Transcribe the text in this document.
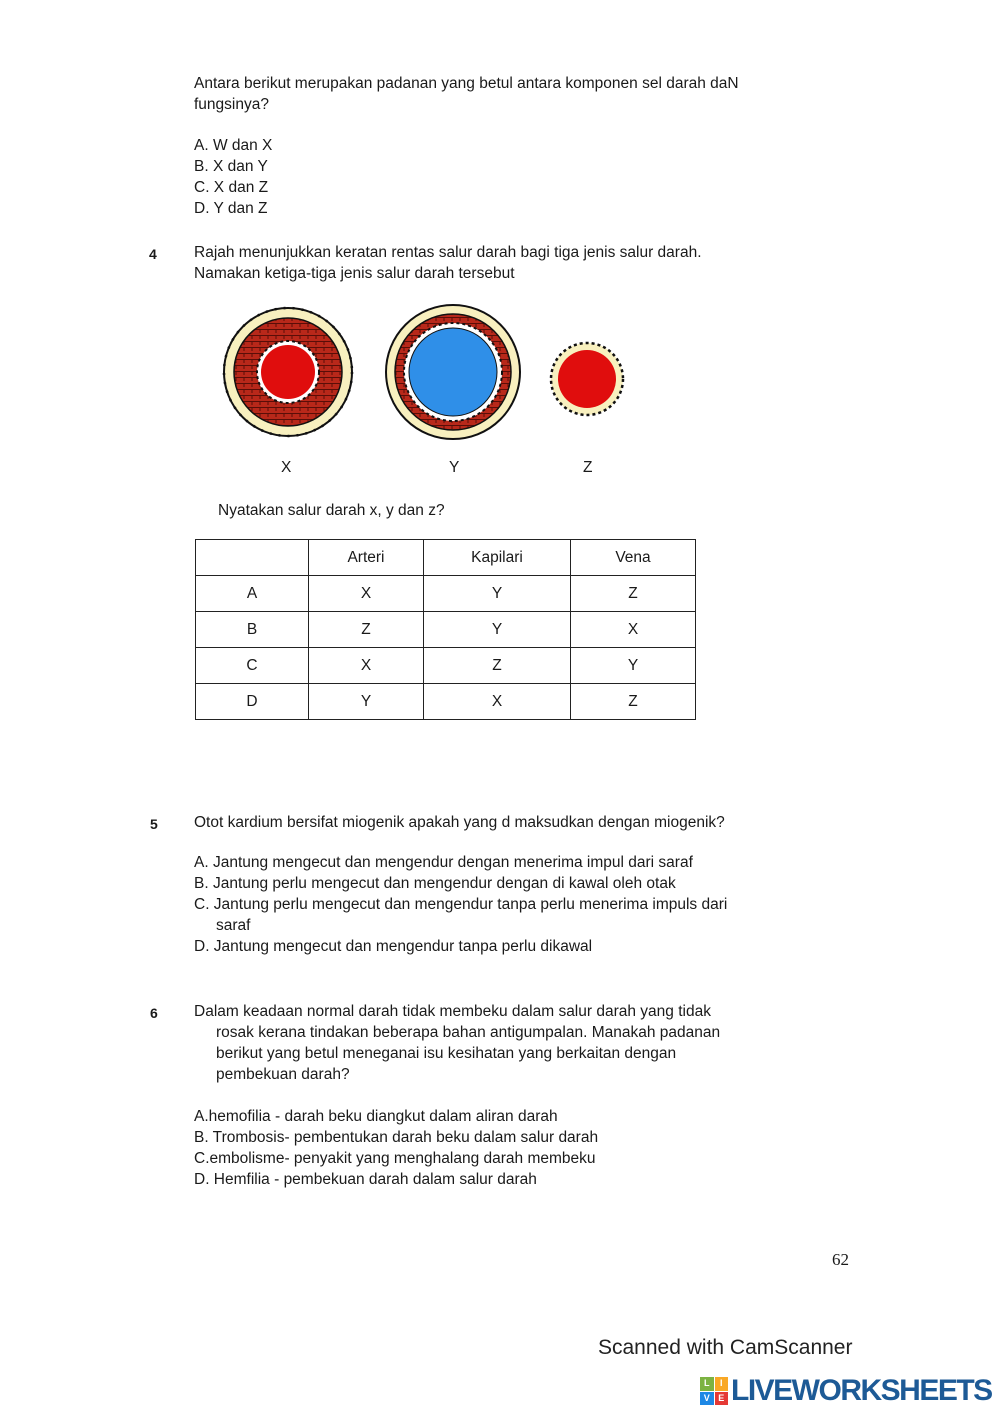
Antara berikut merupakan padanan yang betul antara komponen sel darah daN
fungsinya?
A. W dan X
B. X dan Y
C. X dan Z
D. Y dan Z
4 Rajah menunjukkan keratan rentas salur darah bagi tiga jenis salur darah.
Namakan ketiga-tiga jenis salur darah tersebut
X	Y	Z
Nyatakan salur darah x, y dan z?
	Arteri	Kapilari	Vena
A	X	Y	Z
B	Z	Y	X
C	X	Z	Y
D	Y	X	Z
5 Otot kardium bersifat miogenik apakah yang d maksudkan dengan miogenik?
A. Jantung mengecut dan mengendur dengan menerima impul dari saraf
B. Jantung perlu mengecut dan mengendur dengan di kawal oleh otak
C. Jantung perlu mengecut dan mengendur tanpa perlu menerima impuls dari
saraf
D. Jantung mengecut dan mengendur tanpa perlu dikawal
6 Dalam keadaan normal darah tidak membeku dalam salur darah yang tidak
rosak kerana tindakan beberapa bahan antigumpalan. Manakah padanan
berikut yang betul meneganai isu kesihatan yang berkaitan dengan
pembekuan darah?
A.hemofilia - darah beku diangkut dalam aliran darah
B. Trombosis- pembentukan darah beku dalam salur darah
C.embolisme- penyakit yang menghalang darah membeku
D. Hemfilia - pembekuan darah dalam salur darah
62
Scanned with CamScanner
L	I
V E LIVEWORKSHEETS
